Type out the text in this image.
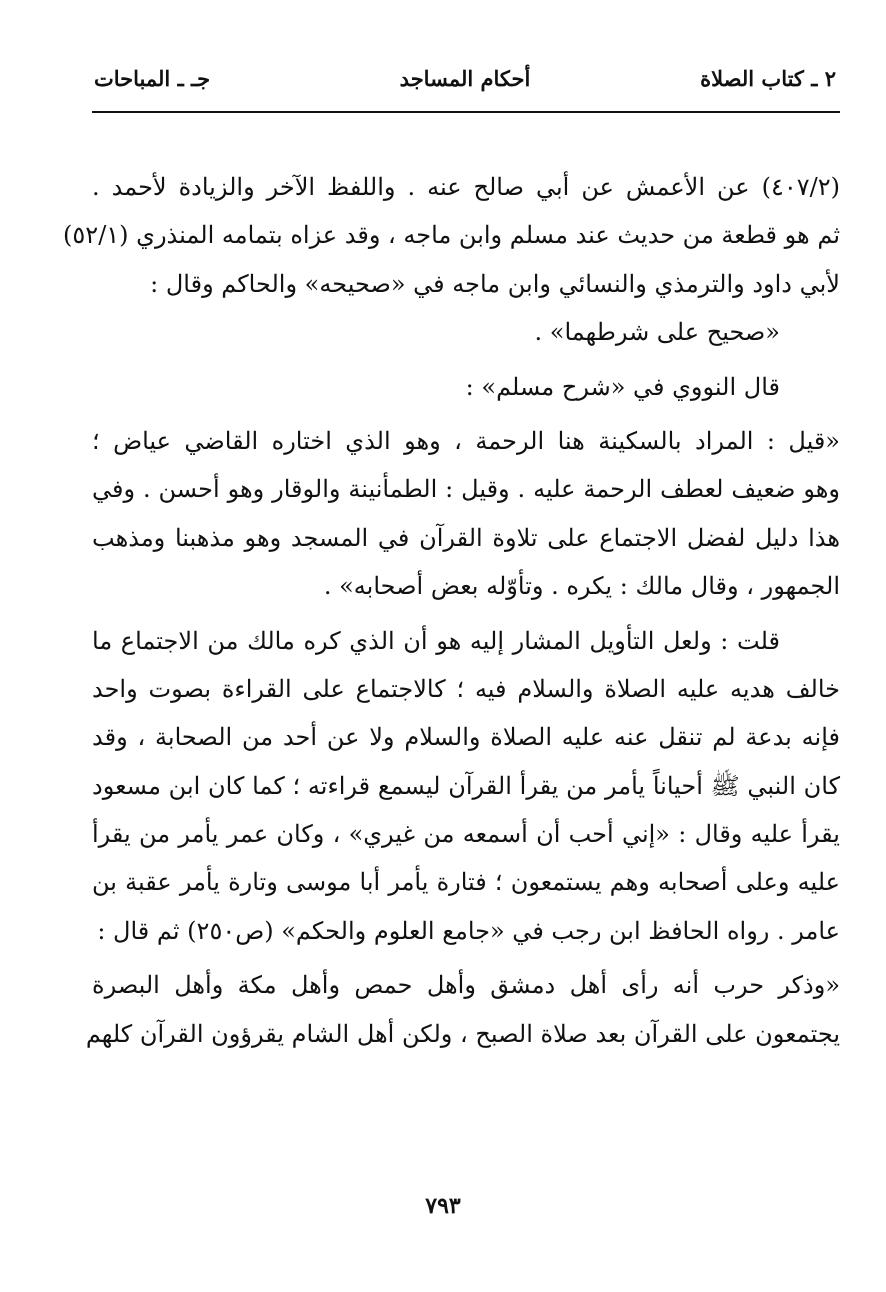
٢ ـ كتاب الصلاة
أحكام المساجد
جـ ـ المباحات
(٤٠٧/٢) عن الأعمش عن أبي صالح عنه . واللفظ الآخر والزيادة لأحمد .
ثم هو قطعة من حديث عند مسلم وابن ماجه ، وقد عزاه بتمامه المنذري (٥٢/١)
لأبي داود والترمذي والنسائي وابن ماجه في «صحيحه» والحاكم وقال :
«صحيح على شرطهما» .
قال النووي في «شرح مسلم» :
«قيل : المراد بالسكينة هنا الرحمة ، وهو الذي اختاره القاضي عياض ؛
وهو ضعيف لعطف الرحمة عليه . وقيل : الطمأنينة والوقار وهو أحسن . وفي
هذا دليل لفضل الاجتماع على تلاوة القرآن في المسجد وهو مذهبنا ومذهب
الجمهور ، وقال مالك : يكره . وتأوّله بعض أصحابه» .
قلت : ولعل التأويل المشار إليه هو أن الذي كره مالك من الاجتماع ما
خالف هديه عليه الصلاة والسلام فيه ؛ كالاجتماع على القراءة بصوت واحد
فإنه بدعة لم تنقل عنه عليه الصلاة والسلام ولا عن أحد من الصحابة ، وقد
كان النبي ﷺ أحياناً يأمر من يقرأ القرآن ليسمع قراءته ؛ كما كان ابن مسعود
يقرأ عليه وقال : «إني أحب أن أسمعه من غيري» ، وكان عمر يأمر من يقرأ
عليه وعلى أصحابه وهم يستمعون ؛ فتارة يأمر أبا موسى وتارة يأمر عقبة بن
عامر . رواه الحافظ ابن رجب في «جامع العلوم والحكم» (ص٢٥٠) ثم قال :
«وذكر حرب أنه رأى أهل دمشق وأهل حمص وأهل مكة وأهل البصرة
يجتمعون على القرآن بعد صلاة الصبح ، ولكن أهل الشام يقرؤون القرآن كلهم
٧٩٣
